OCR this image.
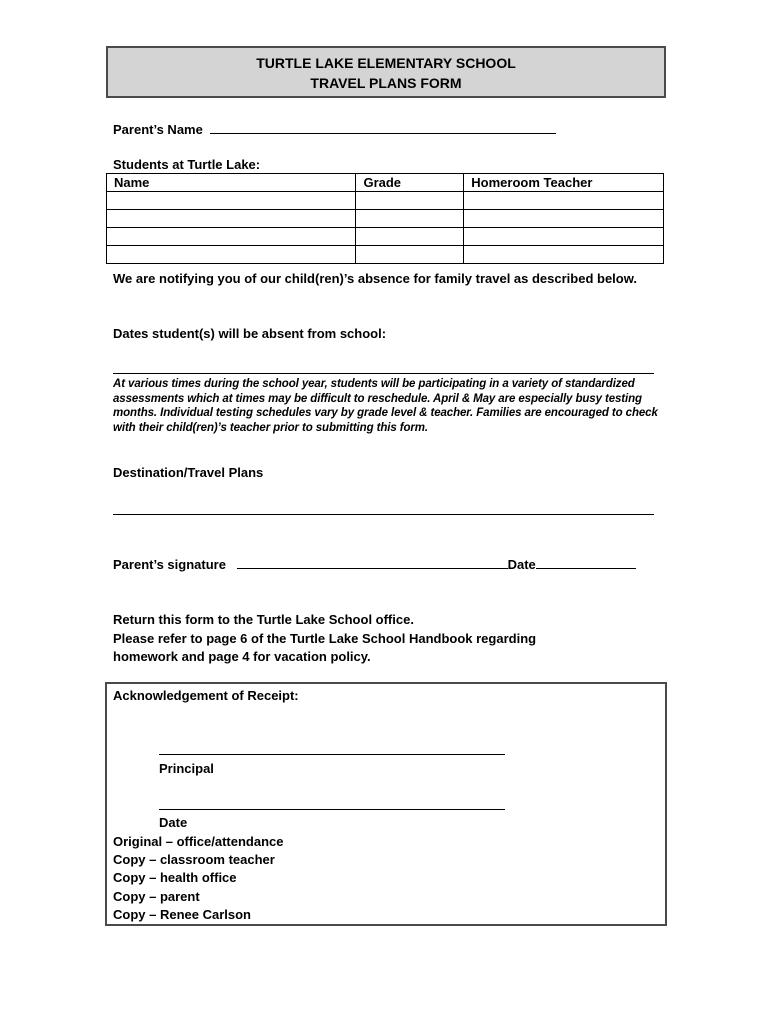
TURTLE LAKE ELEMENTARY SCHOOL
TRAVEL PLANS FORM
Parent’s Name
Students at Turtle Lake:
Name	Grade	Homeroom Teacher

We are notifying you of our child(ren)’s absence for family travel as described below.
Dates student(s) will be absent from school:
At various times during the school year, students will be participating in a variety of standardized assessments which at times may be difficult to reschedule. April & May are especially busy testing months. Individual testing schedules vary by grade level & teacher. Families are encouraged to check with their child(ren)’s teacher prior to submitting this form.
Destination/Travel Plans
Parent’s signature	Date
Return this form to the Turtle Lake School office.
Please refer to page 6 of the Turtle Lake School Handbook regarding
homework and page 4 for vacation policy.
Acknowledgement of Receipt:
Principal
Date
Original – office/attendance
Copy – classroom teacher
Copy – health office
Copy – parent
Copy – Renee Carlson
